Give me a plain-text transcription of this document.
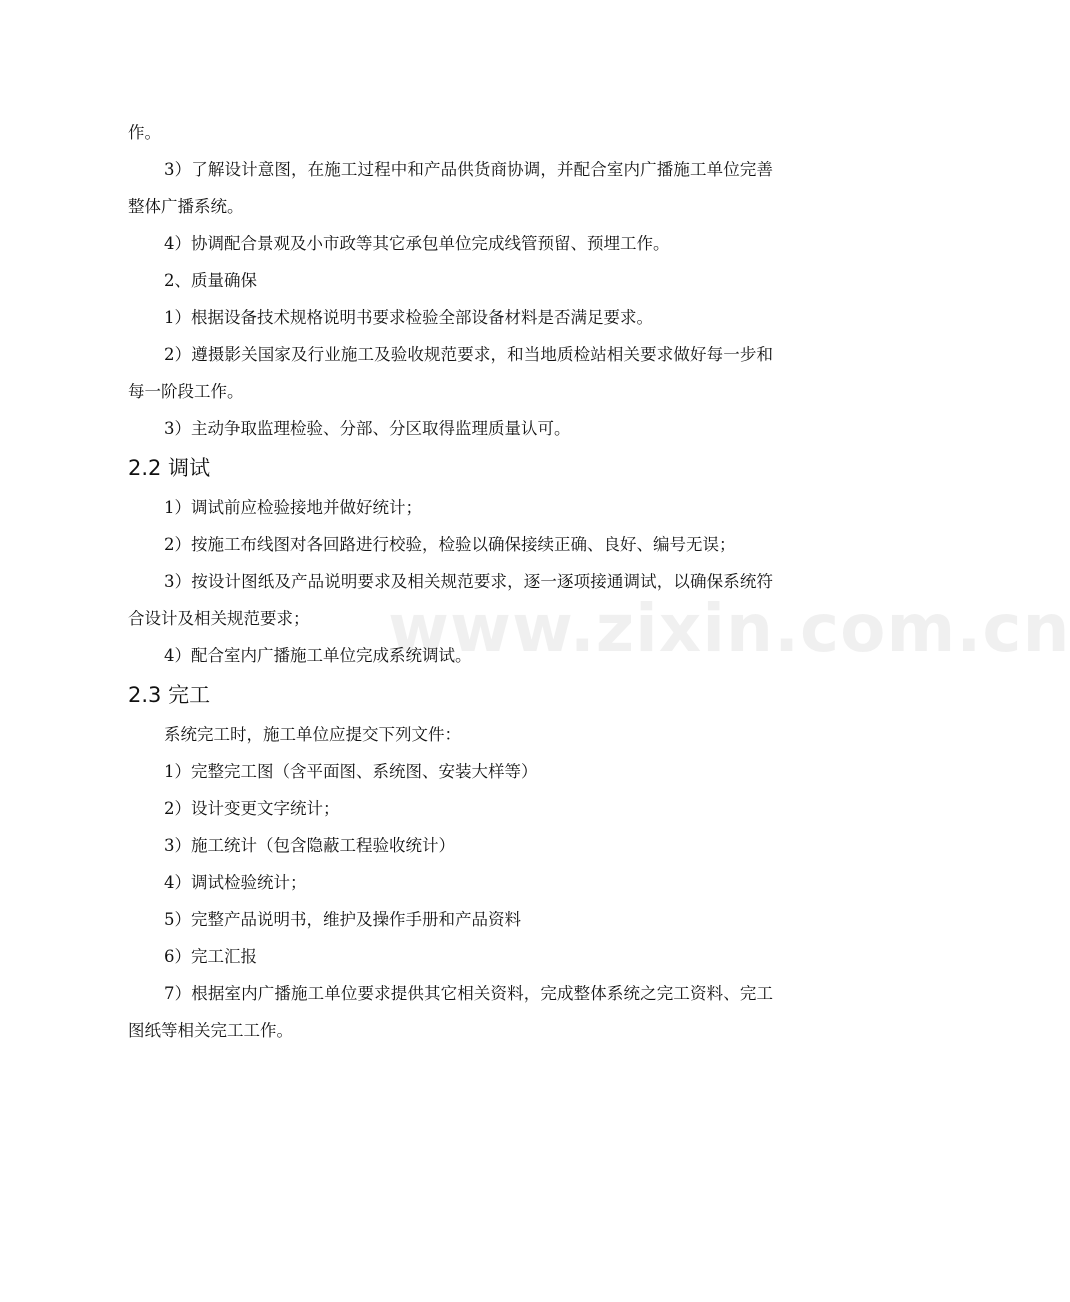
www.zixin.com.cn

作。

3）了解设计意图，在施工过程中和产品供货商协调，并配合室内广播施工单位完善整体广播系统。

4）协调配合景观及小市政等其它承包单位完成线管预留、预埋工作。

2、质量确保

1）根据设备技术规格说明书要求检验全部设备材料是否满足要求。

2）遵摄影关国家及行业施工及验收规范要求，和当地质检站相关要求做好每一步和每一阶段工作。

3）主动争取监理检验、分部、分区取得监理质量认可。

2.2 调试

1）调试前应检验接地并做好统计；

2）按施工布线图对各回路进行校验，检验以确保接续正确、良好、编号无误；

3）按设计图纸及产品说明要求及相关规范要求，逐一逐项接通调试，以确保系统符合设计及相关规范要求；

4）配合室内广播施工单位完成系统调试。

2.3 完工

系统完工时，施工单位应提交下列文件：

1）完整完工图（含平面图、系统图、安装大样等）

2）设计变更文字统计；

3）施工统计（包含隐蔽工程验收统计）

4）调试检验统计；

5）完整产品说明书，维护及操作手册和产品资料

6）完工汇报

7）根据室内广播施工单位要求提供其它相关资料，完成整体系统之完工资料、完工图纸等相关完工工作。
